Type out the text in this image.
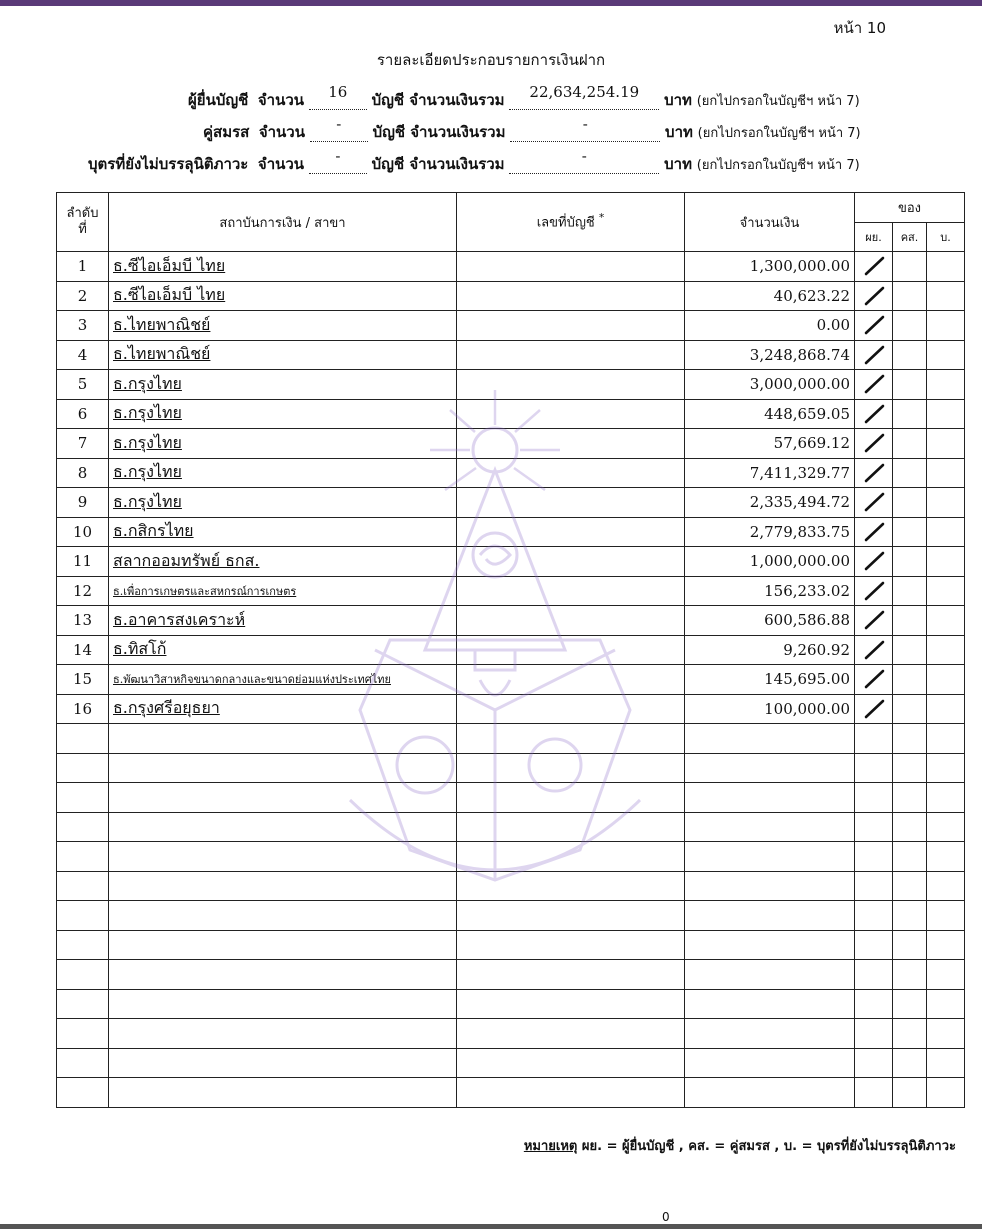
หน้า 10
รายละเอียดประกอบรายการเงินฝาก
ผู้ยื่นบัญชี จำนวน 16 บัญชี จำนวนเงินรวม 22,634,254.19 บาท (ยกไปกรอกในบัญชีฯ หน้า 7)
คู่สมรส จำนวน - บัญชี จำนวนเงินรวม	-	บาท (ยกไปกรอกในบัญชีฯ หน้า 7)
บุตรที่ยังไม่บรรลุนิติภาวะ จำนวน - บัญชี จำนวนเงินรวม	-	บาท (ยกไปกรอกในบัญชีฯ หน้า 7)
ลำดับ ที่	สถาบันการเงิน / สาขา	เลขที่บัญชี *	จำนวนเงิน	ของ		
				ผย.	คส.	บ.
1	ธ.ซีไอเอ็มบี ไทย		1,300,000.00	

2	ธ.ซีไอเอ็มบี ไทย		40,623.22	

3	ธ.ไทยพาณิชย์		0.00	

4	ธ.ไทยพาณิชย์		3,248,868.74	

5	ธ.กรุงไทย		3,000,000.00	

6	ธ.กรุงไทย		448,659.05	

7	ธ.กรุงไทย		57,669.12	

8	ธ.กรุงไทย		7,411,329.77	

9	ธ.กรุงไทย		2,335,494.72	

10	ธ.กสิกรไทย		2,779,833.75	

11	สลากออมทรัพย์ ธกส.		1,000,000.00	

12	ธ.เพื่อการเกษตรและสหกรณ์การเกษตร		156,233.02	

13	ธ.อาคารสงเคราะห์		600,586.88	

14	ธ.ทิสโก้		9,260.92	

15	ธ.พัฒนาวิสาหกิจขนาดกลางและขนาดย่อมแห่งประเทศไทย		145,695.00	

16	ธ.กรุงศรีอยุธยา		100,000.00	

หมายเหตุ ผย. = ผู้ยื่นบัญชี , คส. = คู่สมรส , บ. = บุตรที่ยังไม่บรรลุนิติภาวะ
0
